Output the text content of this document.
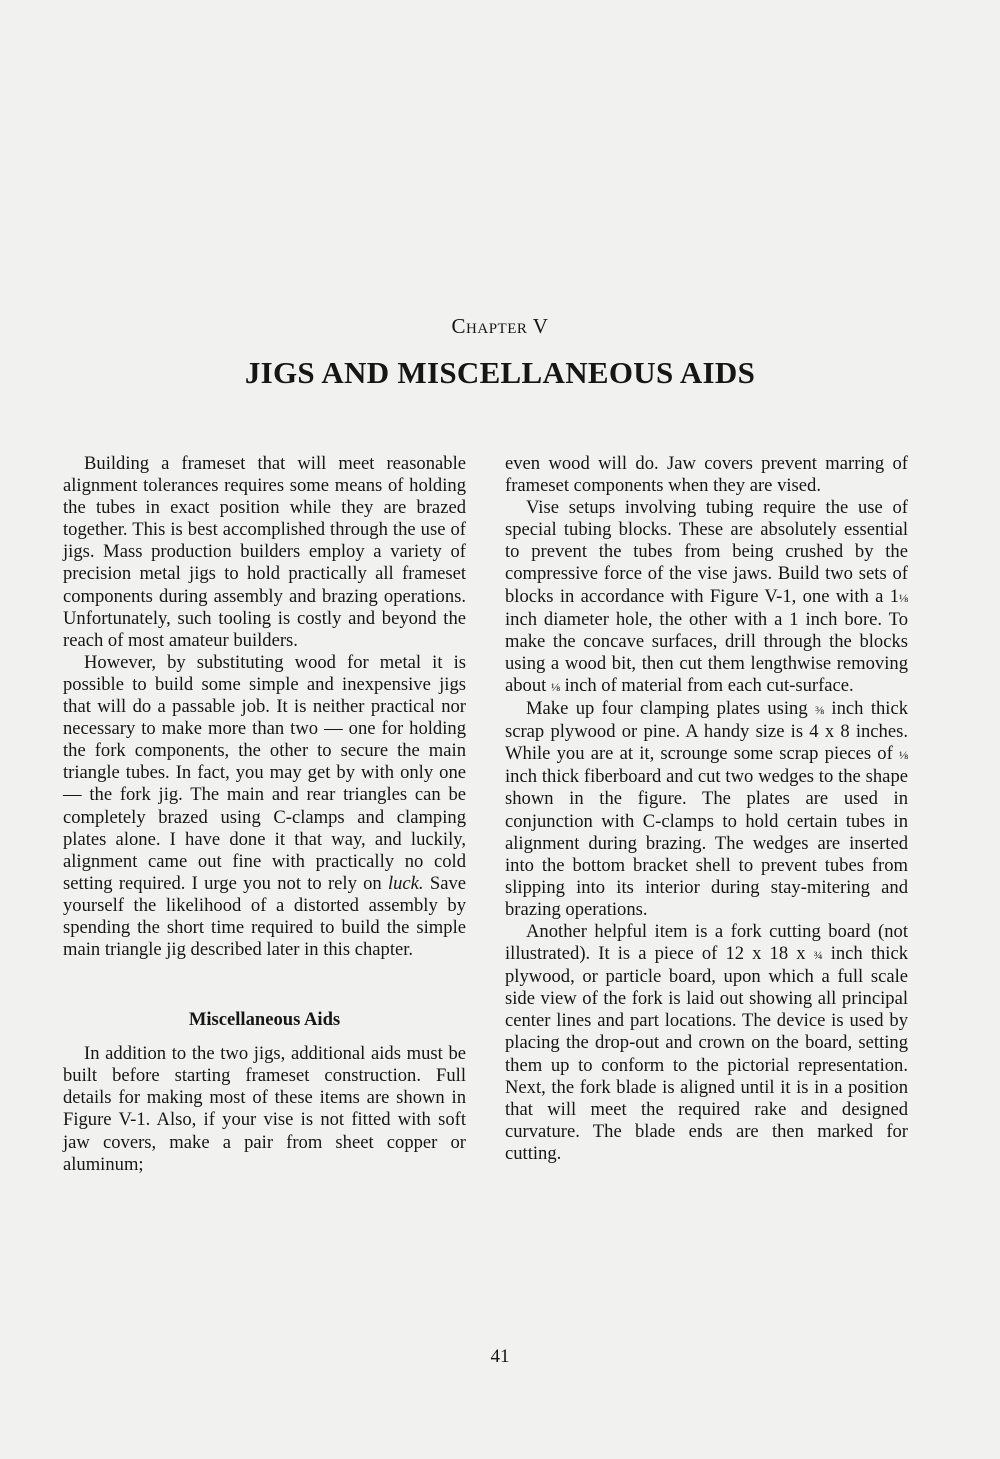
Chapter V
JIGS AND MISCELLANEOUS AIDS

Building a frameset that will meet reasonable alignment tolerances requires some means of holding the tubes in exact position while they are brazed together. This is best accomplished through the use of jigs. Mass production builders employ a variety of precision metal jigs to hold practically all frameset components during assembly and brazing operations. Unfortunately, such tooling is costly and beyond the reach of most amateur builders.

However, by substituting wood for metal it is possible to build some simple and inexpensive jigs that will do a passable job. It is neither practical nor necessary to make more than two — one for holding the fork components, the other to secure the main triangle tubes. In fact, you may get by with only one — the fork jig. The main and rear triangles can be completely brazed using C-clamps and clamping plates alone. I have done it that way, and luckily, alignment came out fine with practically no cold setting required. I urge you not to rely on luck. Save yourself the likelihood of a distorted assembly by spending the short time required to build the simple main triangle jig described later in this chapter.

Miscellaneous Aids

In addition to the two jigs, additional aids must be built before starting frameset construction. Full details for making most of these items are shown in Figure V-1. Also, if your vise is not fitted with soft jaw covers, make a pair from sheet copper or aluminum;

even wood will do. Jaw covers prevent marring of frameset components when they are vised.

Vise setups involving tubing require the use of special tubing blocks. These are absolutely essential to prevent the tubes from being crushed by the compressive force of the vise jaws. Build two sets of blocks in accordance with Figure V-1, one with a 1⅛ inch diameter hole, the other with a 1 inch bore. To make the concave surfaces, drill through the blocks using a wood bit, then cut them lengthwise removing about ⅛ inch of material from each cut-surface.

Make up four clamping plates using ⅜ inch thick scrap plywood or pine. A handy size is 4 x 8 inches. While you are at it, scrounge some scrap pieces of ⅛ inch thick fiberboard and cut two wedges to the shape shown in the figure. The plates are used in conjunction with C-clamps to hold certain tubes in alignment during brazing. The wedges are inserted into the bottom bracket shell to prevent tubes from slipping into its interior during stay-mitering and brazing operations.

Another helpful item is a fork cutting board (not illustrated). It is a piece of 12 x 18 x ¾ inch thick plywood, or particle board, upon which a full scale side view of the fork is laid out showing all principal center lines and part locations. The device is used by placing the drop-out and crown on the board, setting them up to conform to the pictorial representation. Next, the fork blade is aligned until it is in a position that will meet the required rake and designed curvature. The blade ends are then marked for cutting.

41
